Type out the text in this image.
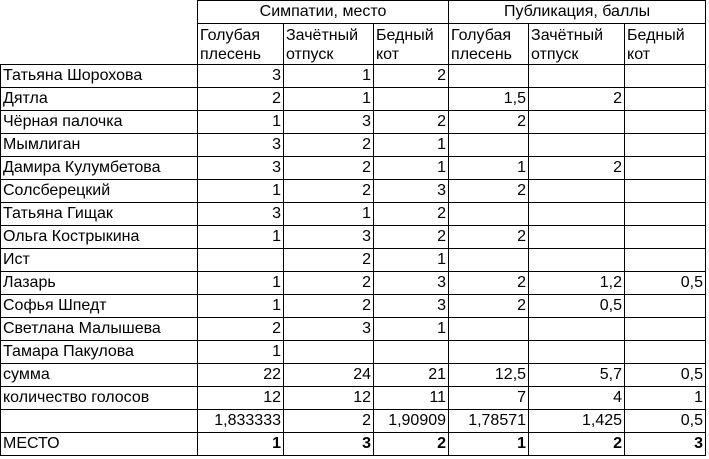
	Симпатии, место			Публикация, баллы		
	Голубая плесень	Зачётный отпуск	Бедный кот	Голубая плесень	Зачётный отпуск	Бедный кот
Татьяна Шорохова	3	1	2			
Дятла	2	1		1,5	2	
Чёрная палочка	1	3	2	2		
Мымлиган	3	2	1			
Дамира Кулумбетова	3	2	1	1	2	
Солсберецкий	1	2	3	2		
Татьяна Гищак	3	1	2			
Ольга Кострыкина	1	3	2	2		
Ист		2	1			
Лазарь	1	2	3	2	1,2	0,5
Софья Шпедт	1	2	3	2	0,5	
Светлана Малышева	2	3	1			
Тамара Пакулова	1					
сумма	22	24	21	12,5	5,7	0,5
количество голосов	12	12	11	7	4	1
	1,833333	2	1,90909	1,78571	1,425	0,5
МЕСТО	1	3	2	1	2	3
